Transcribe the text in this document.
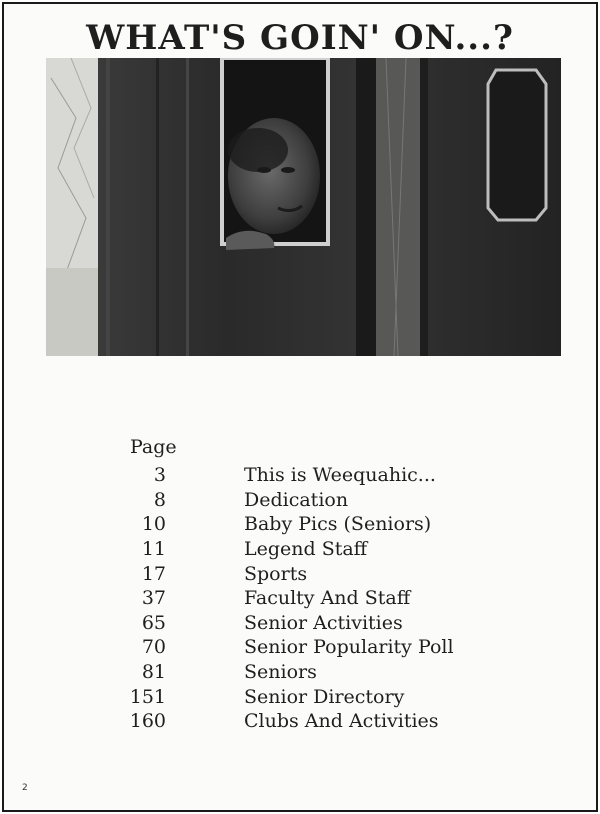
WHAT'S GOIN' ON...?
Page
3	This is Weequahic...
8	Dedication
10	Baby Pics (Seniors)
11	Legend Staff
17	Sports
37	Faculty And Staff
65	Senior Activities
70	Senior Popularity Poll
81	Seniors
151	Senior Directory
160	Clubs And Activities
2
